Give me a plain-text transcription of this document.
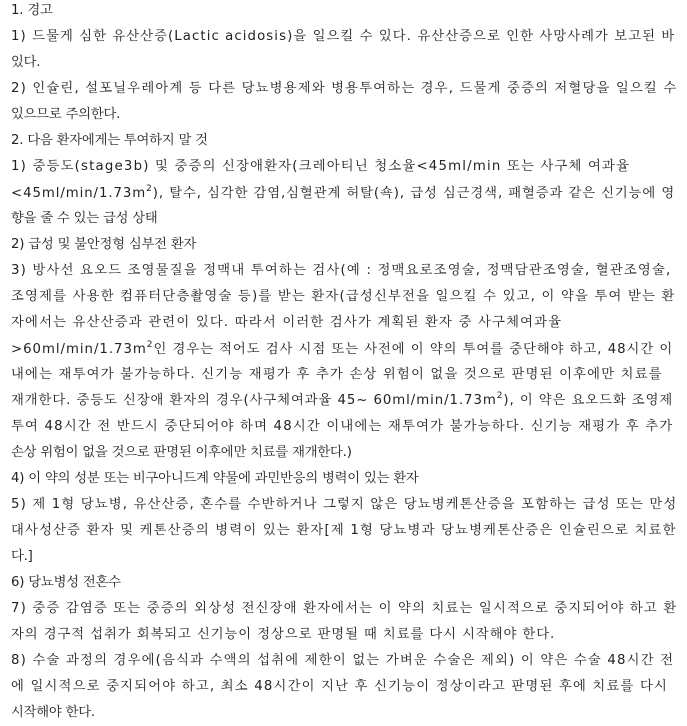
1. 경고
1) 드물게 심한 유산산증(Lactic acidosis)을 일으킬 수 있다. 유산산증으로 인한 사망사례가 보고된 바
있다.
2) 인슐린, 설포닐우레아계 등 다른 당뇨병용제와 병용투여하는 경우, 드물게 중증의 저혈당을 일으킬 수
있으므로 주의한다.
2. 다음 환자에게는 투여하지 말 것
1) 중등도(stage3b) 및 중증의 신장애환자(크레아티닌 청소율<45ml/min 또는 사구체 여과율
$<45ml/\min/1.73m^2$), 탈수, 심각한 감염,심혈관계 허탈(쇽), 급성 심근경색, 패혈증과 같은 신기능에 영
향을 줄 수 있는 급성 상태
2) 급성 및 불안정형 심부전 환자
3) 방사선 요오드 조영물질을 정맥내 투여하는 검사(예 : 정맥요로조영술, 정맥담관조영술, 혈관조영술,
조영제를 사용한 컴퓨터단층촬영술 등)를 받는 환자(급성신부전을 일으킬 수 있고, 이 약을 투여 받는 환
자에서는 유산산증과 관련이 있다. 따라서 이러한 검사가 계획된 환자 중 사구체여과율
$>60ml/\min/1.73m^2$인 경우는 적어도 검사 시점 또는 사전에 이 약의 투여를 중단해야 하고, 48시간 이
내에는 재투여가 불가능하다. 신기능 재평가 후 추가 손상 위험이 없을 것으로 판명된 이후에만 치료를
재개한다. 중등도 신장애 환자의 경우(사구체여과율 45~ $60ml/\min/1.73m^2$), 이 약은 요오드화 조영제
투여 48시간 전 반드시 중단되어야 하며 48시간 이내에는 재투여가 불가능하다. 신기능 재평가 후 추가
손상 위험이 없을 것으로 판명된 이후에만 치료를 재개한다.)
4) 이 약의 성분 또는 비구아니드계 약물에 과민반응의 병력이 있는 환자
5) 제 1형 당뇨병, 유산산증, 혼수를 수반하거나 그렇지 않은 당뇨병케톤산증을 포함하는 급성 또는 만성
대사성산증 환자 및 케톤산증의 병력이 있는 환자[제 1형 당뇨병과 당뇨병케톤산증은 인슐린으로 치료한
다.]
6) 당뇨병성 전혼수
7) 중증 감염증 또는 중증의 외상성 전신장애 환자에서는 이 약의 치료는 일시적으로 중지되어야 하고 환
자의 경구적 섭취가 회복되고 신기능이 정상으로 판명될 때 치료를 다시 시작해야 한다.
8) 수술 과정의 경우에(음식과 수액의 섭취에 제한이 없는 가벼운 수술은 제외) 이 약은 수술 48시간 전
에 일시적으로 중지되어야 하고, 최소 48시간이 지난 후 신기능이 정상이라고 판명된 후에 치료를 다시
시작해야 한다.
